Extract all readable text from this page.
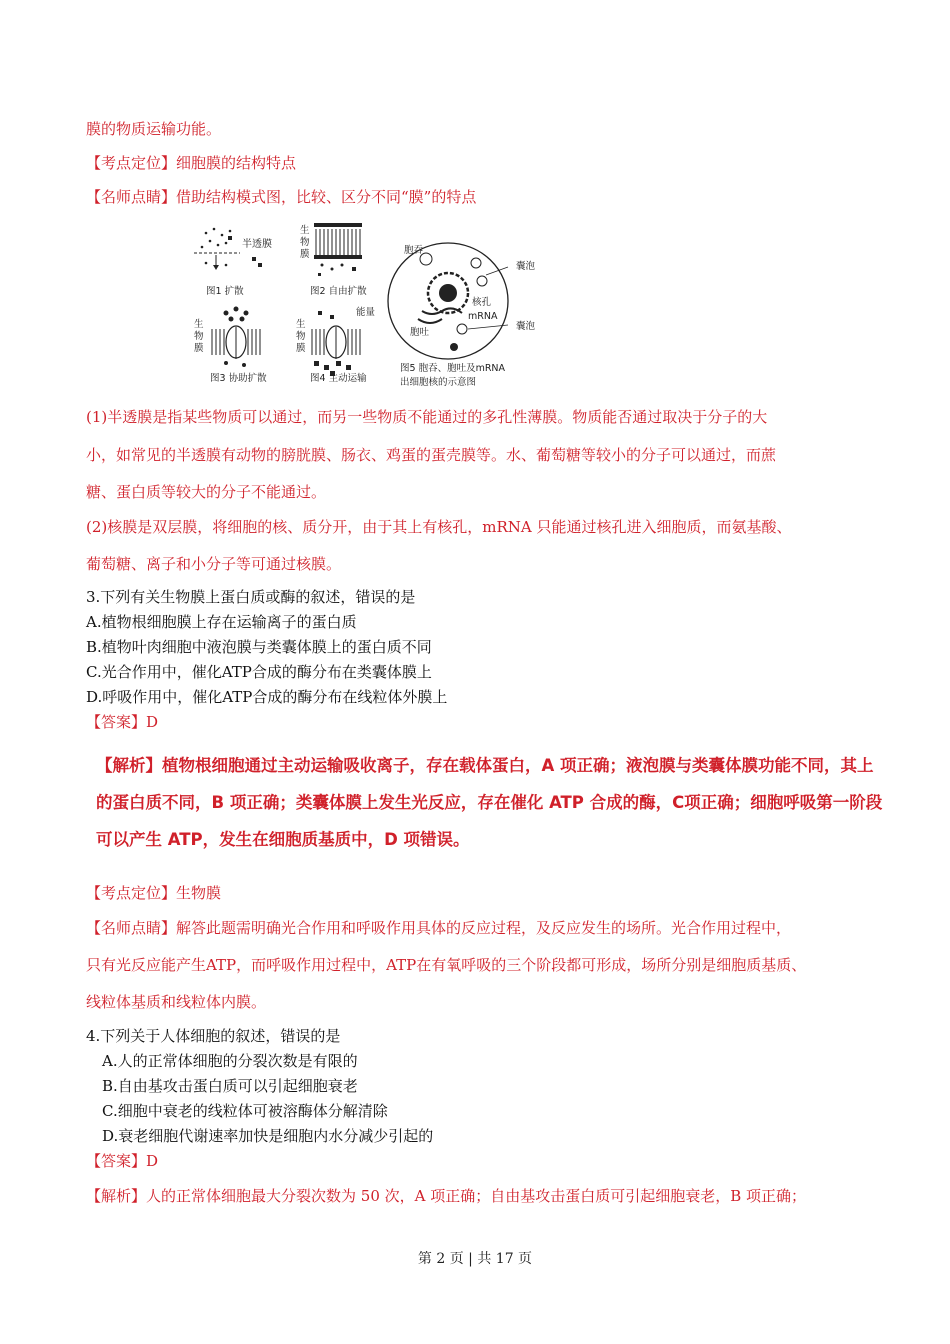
膜的物质运输功能。
【考点定位】细胞膜的结构特点
【名师点睛】借助结构模式图，比较、区分不同“膜”的特点
半透膜
图1 扩散
生
物
膜
图2 自由扩散
生
物
膜
图3 协助扩散
生
物
膜
能量
图4 主动运输
胞吞
囊泡
核孔
mRNA
囊泡
胞吐
图5 胞吞、胞吐及mRNA
出细胞核的示意图
(1)半透膜是指某些物质可以通过，而另一些物质不能通过的多孔性薄膜。物质能否通过取决于分子的大
小，如常见的半透膜有动物的膀胱膜、肠衣、鸡蛋的蛋壳膜等。水、葡萄糖等较小的分子可以通过，而蔗
糖、蛋白质等较大的分子不能通过。
(2)核膜是双层膜，将细胞的核、质分开，由于其上有核孔，mRNA 只能通过核孔进入细胞质，而氨基酸、
葡萄糖、离子和小分子等可通过核膜。
3.下列有关生物膜上蛋白质或酶的叙述，错误的是
A.植物根细胞膜上存在运输离子的蛋白质
B.植物叶肉细胞中液泡膜与类囊体膜上的蛋白质不同
C.光合作用中，催化ATP合成的酶分布在类囊体膜上
D.呼吸作用中，催化ATP合成的酶分布在线粒体外膜上
【答案】D
【解析】植物根细胞通过主动运输吸收离子，存在载体蛋白，A 项正确；液泡膜与类囊体膜功能不同，其上
的蛋白质不同，B 项正确；类囊体膜上发生光反应，存在催化 ATP 合成的酶，C项正确；细胞呼吸第一阶段
可以产生 ATP，发生在细胞质基质中，D 项错误。
【考点定位】生物膜
【名师点睛】解答此题需明确光合作用和呼吸作用具体的反应过程，及反应发生的场所。光合作用过程中，
只有光反应能产生ATP，而呼吸作用过程中，ATP在有氧呼吸的三个阶段都可形成，场所分别是细胞质基质、
线粒体基质和线粒体内膜。
4.下列关于人体细胞的叙述，错误的是
A.人的正常体细胞的分裂次数是有限的
B.自由基攻击蛋白质可以引起细胞衰老
C.细胞中衰老的线粒体可被溶酶体分解清除
D.衰老细胞代谢速率加快是细胞内水分减少引起的
【答案】D
【解析】人的正常体细胞最大分裂次数为 50 次，A 项正确；自由基攻击蛋白质可引起细胞衰老，B 项正确；
第 2 页 | 共 17 页
